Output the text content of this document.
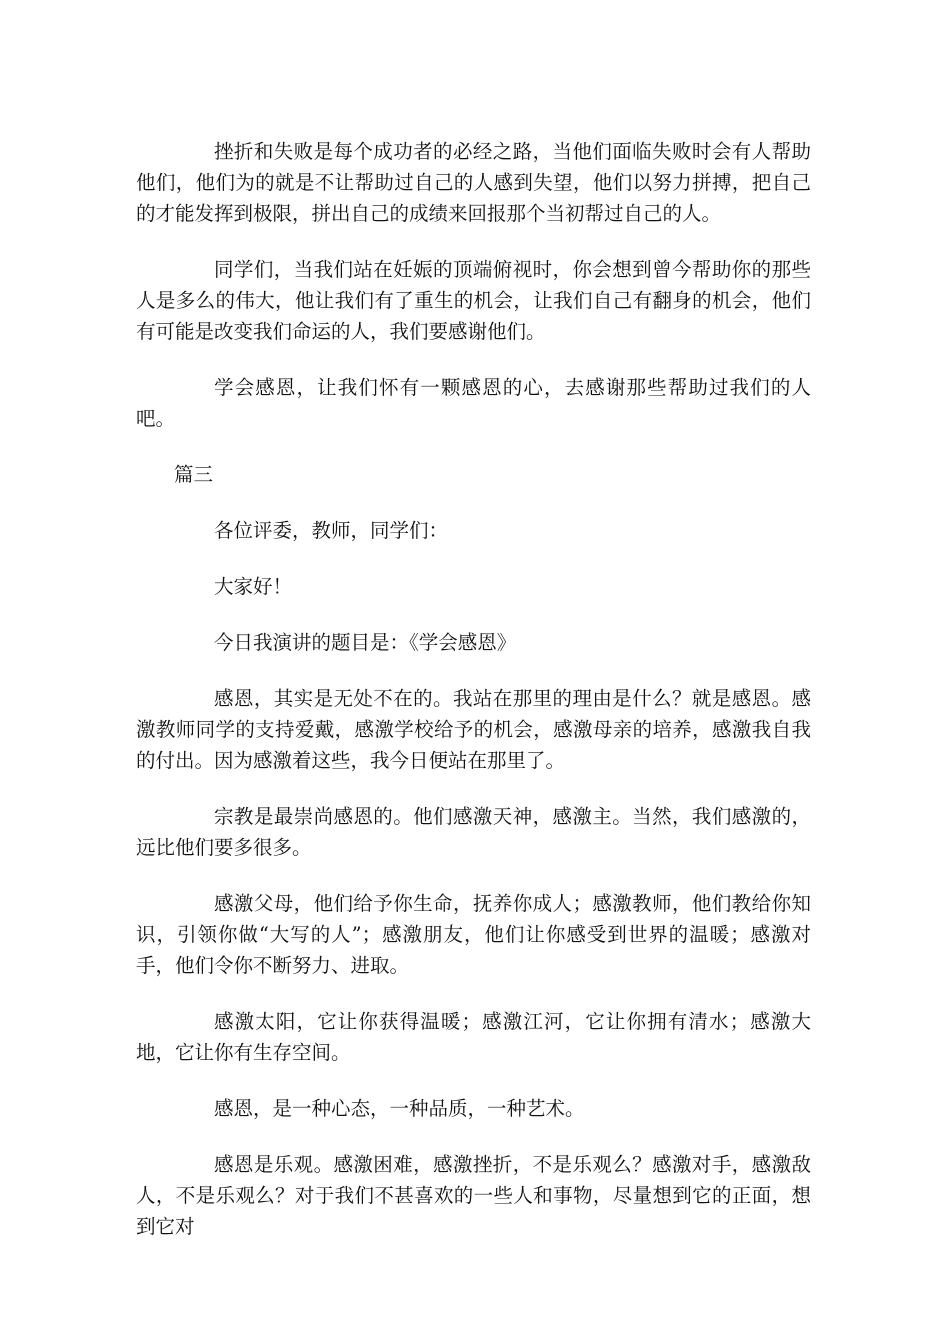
挫折和失败是每个成功者的必经之路，当他们面临失败时会有人帮助他们，他们为的就是不让帮助过自己的人感到失望，他们以努力拼搏，把自己的才能发挥到极限，拼出自己的成绩来回报那个当初帮过自己的人。

同学们，当我们站在妊娠的顶端俯视时，你会想到曾今帮助你的那些人是多么的伟大，他让我们有了重生的机会，让我们自己有翻身的机会，他们有可能是改变我们命运的人，我们要感谢他们。

学会感恩，让我们怀有一颗感恩的心，去感谢那些帮助过我们的人吧。

篇三

各位评委，教师，同学们：

大家好！

今日我演讲的题目是：《学会感恩》

感恩，其实是无处不在的。我站在那里的理由是什么？就是感恩。感激教师同学的支持爱戴，感激学校给予的机会，感激母亲的培养，感激我自我的付出。因为感激着这些，我今日便站在那里了。

宗教是最崇尚感恩的。他们感激天神，感激主。当然，我们感激的，远比他们要多很多。

感激父母，他们给予你生命，抚养你成人；感激教师，他们教给你知识，引领你做“大写的人”；感激朋友，他们让你感受到世界的温暖；感激对手，他们令你不断努力、进取。

感激太阳，它让你获得温暖；感激江河，它让你拥有清水；感激大地，它让你有生存空间。

感恩，是一种心态，一种品质，一种艺术。

感恩是乐观。感激困难，感激挫折，不是乐观么？感激对手，感激敌人，不是乐观么？对于我们不甚喜欢的一些人和事物，尽量想到它的正面，想到它对
